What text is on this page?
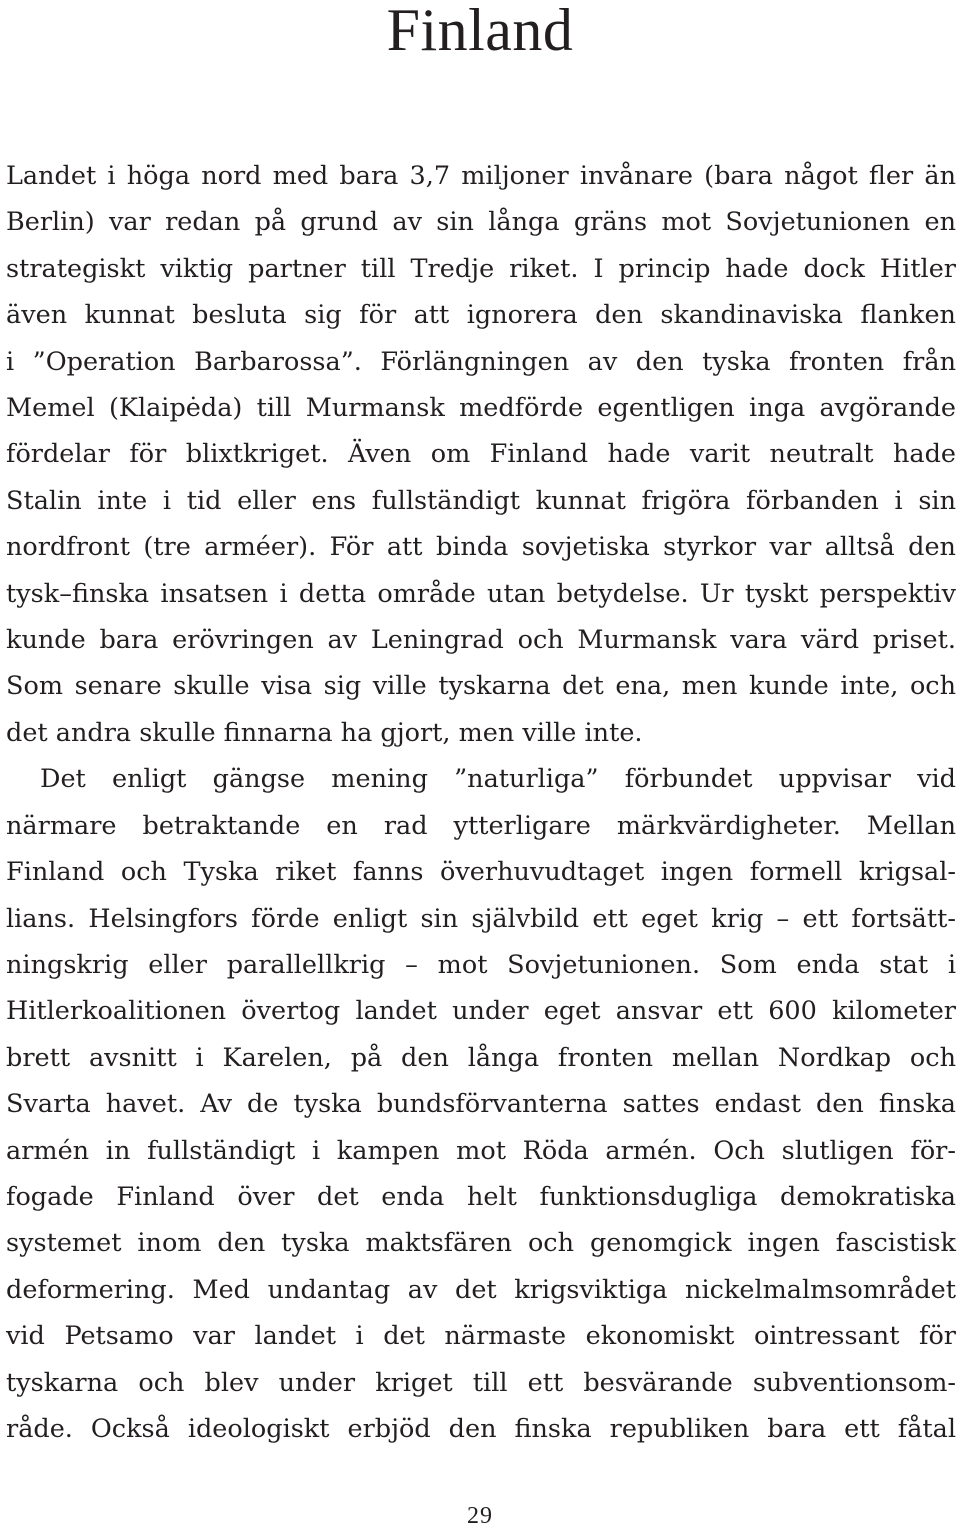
Finland

Landet i höga nord med bara 3,7 miljoner invånare (bara något fler än
Berlin) var redan på grund av sin långa gräns mot Sovjetunionen en
strategiskt viktig partner till Tredje riket. I princip hade dock Hitler
även kunnat besluta sig för att ignorera den skandinaviska flanken
i ”Operation Barbarossa”. Förlängningen av den tyska fronten från
Memel (Klaipėda) till Murmansk medförde egentligen inga avgörande
fördelar för blixtkriget. Även om Finland hade varit neutralt hade
Stalin inte i tid eller ens fullständigt kunnat frigöra förbanden i sin
nordfront (tre arméer). För att binda sovjetiska styrkor var alltså den
tysk–finska insatsen i detta område utan betydelse. Ur tyskt perspektiv
kunde bara erövringen av Leningrad och Murmansk vara värd priset.
Som senare skulle visa sig ville tyskarna det ena, men kunde inte, och
det andra skulle finnarna ha gjort, men ville inte.

Det enligt gängse mening ”naturliga” förbundet uppvisar vid
närmare betraktande en rad ytterligare märkvärdigheter. Mellan
Finland och Tyska riket fanns överhuvudtaget ingen formell krigsal-
lians. Helsingfors förde enligt sin självbild ett eget krig – ett fortsätt-
ningskrig eller parallellkrig – mot Sovjetunionen. Som enda stat i
Hitlerkoalitionen övertog landet under eget ansvar ett 600 kilometer
brett avsnitt i Karelen, på den långa fronten mellan Nordkap och
Svarta havet. Av de tyska bundsförvanterna sattes endast den finska
armén in fullständigt i kampen mot Röda armén. Och slutligen för-
fogade Finland över det enda helt funktionsdugliga demokratiska
systemet inom den tyska maktsfären och genomgick ingen fascistisk
deformering. Med undantag av det krigsviktiga nickelmalmsområdet
vid Petsamo var landet i det närmaste ekonomiskt ointressant för
tyskarna och blev under kriget till ett besvärande subventionsom-
råde. Också ideologiskt erbjöd den finska republiken bara ett fåtal

29
